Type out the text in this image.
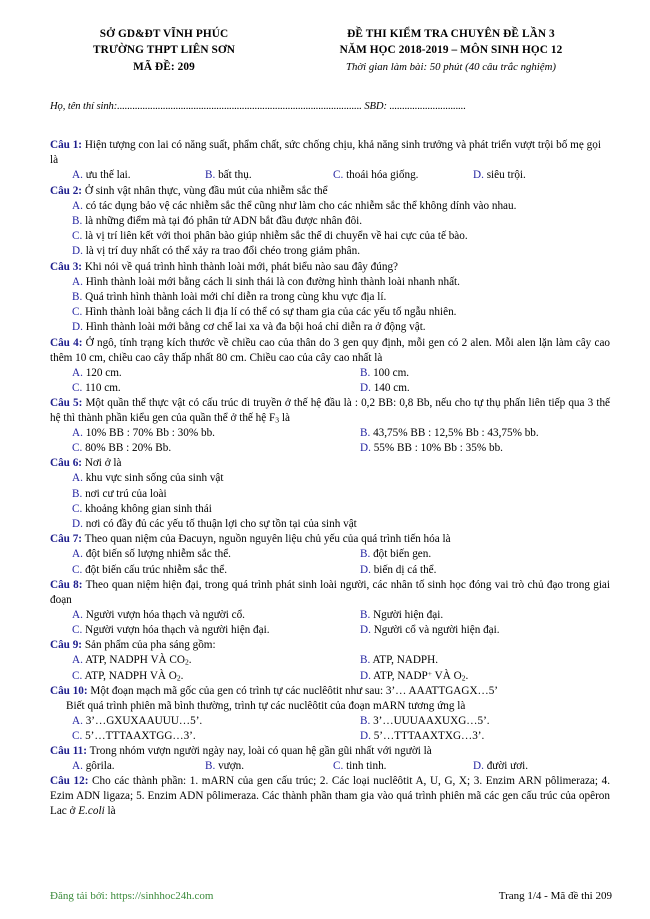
SỞ GD&ĐT VĨNH PHÚC
TRƯỜNG THPT LIÊN SƠN
MÃ ĐỀ: 209
ĐỀ THI KIỂM TRA CHUYÊN ĐỀ LẦN 3
NĂM HỌC 2018-2019 – MÔN SINH HỌC 12
Thời gian làm bài: 50 phút (40 câu trắc nghiệm)
Họ, tên thí sinh:................................................................................................ SBD: ..............................

Câu 1: Hiện tượng con lai có năng suất, phẩm chất, sức chống chịu, khả năng sinh trưởng và phát triển vượt trội bố mẹ gọi là

A. ưu thế lai.	B. bất thụ.	C. thoái hóa giống.	D. siêu trội.

Câu 2: Ở sinh vật nhân thực, vùng đầu mút của nhiễm sắc thể

A. có tác dụng bảo vệ các nhiễm sắc thể cũng như làm cho các nhiễm sắc thể không dính vào nhau.
B. là những điểm mà tại đó phân tử ADN bắt đầu được nhân đôi.
C. là vị trí liên kết với thoi phân bào giúp nhiễm sắc thể di chuyển về hai cực của tế bào.
D. là vị trí duy nhất có thể xảy ra trao đổi chéo trong giảm phân.

Câu 3: Khi nói về quá trình hình thành loài mới, phát biểu nào sau đây đúng?

A. Hình thành loài mới bằng cách li sinh thái là con đường hình thành loài nhanh nhất.
B. Quá trình hình thành loài mới chỉ diễn ra trong cùng khu vực địa lí.
C. Hình thành loài bằng cách li địa lí có thể có sự tham gia của các yếu tố ngẫu nhiên.
D. Hình thành loài mới bằng cơ chế lai xa và đa bội hoá chỉ diễn ra ở động vật.

Câu 4: Ở ngô, tính trạng kích thước về chiều cao của thân do 3 gen quy định, mỗi gen có 2 alen. Mỗi alen lặn làm cây cao thêm 10 cm, chiều cao cây thấp nhất 80 cm. Chiều cao của cây cao nhất là

A. 120 cm.	B. 100 cm.
C. 110 cm.	D. 140 cm.

Câu 5: Một quần thể thực vật có cấu trúc di truyền ở thế hệ đầu là : 0,2 BB: 0,8 Bb, nếu cho tự thụ phấn liên tiếp qua 3 thế hệ thì thành phần kiểu gen của quần thể ở thế hệ $F_3$ là

A. 10% BB : 70% Bb : 30% bb.	B. 43,75% BB : 12,5% Bb : 43,75% bb.
C. 80% BB : 20% Bb.	D. 55% BB : 10% Bb : 35% bb.

Câu 6: Nơi ở là

A. khu vực sinh sống của sinh vật
B. nơi cư trú của loài
C. khoảng không gian sinh thái
D. nơi có đầy đủ các yếu tố thuận lợi cho sự tồn tại của sinh vật

Câu 7: Theo quan niệm của Đacuyn, nguồn nguyên liệu chủ yếu của quá trình tiến hóa là

A. đột biến số lượng nhiễm sắc thể.	B. đột biến gen.
C. đột biến cấu trúc nhiễm sắc thể.	D. biến dị cá thể.

Câu 8: Theo quan niệm hiện đại, trong quá trình phát sinh loài người, các nhân tố sinh học đóng vai trò chủ đạo trong giai đoạn

A. Người vượn hóa thạch và người cổ.	B. Người hiện đại.
C. Người vượn hóa thạch và người hiện đại.	D. Người cổ và người hiện đại.

Câu 9: Sản phẩm của pha sáng gồm:

A. ATP, NADPH VÀ $CO_2$.	B. ATP, NADPH.
C. ATP, NADPH VÀ $O_2$.	D. ATP, NADP+ VÀ $O_2$.

Câu 10: Một đoạn mạch mã gốc của gen có trình tự các nuclêôtit như sau: 3’… AAATTGAGX…5’

Biết quá trình phiên mã bình thường, trình tự các nuclêôtit của đoạn mARN tương ứng là

A. 3’…GXUXAAUUU…5’.	B. 3’…UUUAAXUXG…5’.
C. 5’…TTTAAXTGG…3’.	D. 5’…TTTAAXTXG…3’.

Câu 11: Trong nhóm vượn người ngày nay, loài có quan hệ gần gũi nhất với người là

A. gôrila.	B. vượn.	C. tinh tinh.	D. đười ươi.

Câu 12: Cho các thành phần: 1. mARN của gen cấu trúc; 2. Các loại nuclêôtit A, U, G, X; 3. Enzim ARN pôlimeraza; 4. Ezim ADN ligaza; 5. Enzim ADN pôlimeraza. Các thành phần tham gia vào quá trình phiên mã các gen cấu trúc của opêron Lac ở E.coli là

Đăng tải bởi: https://sinhhoc24h.com	Trang 1/4 - Mã đề thi 209
